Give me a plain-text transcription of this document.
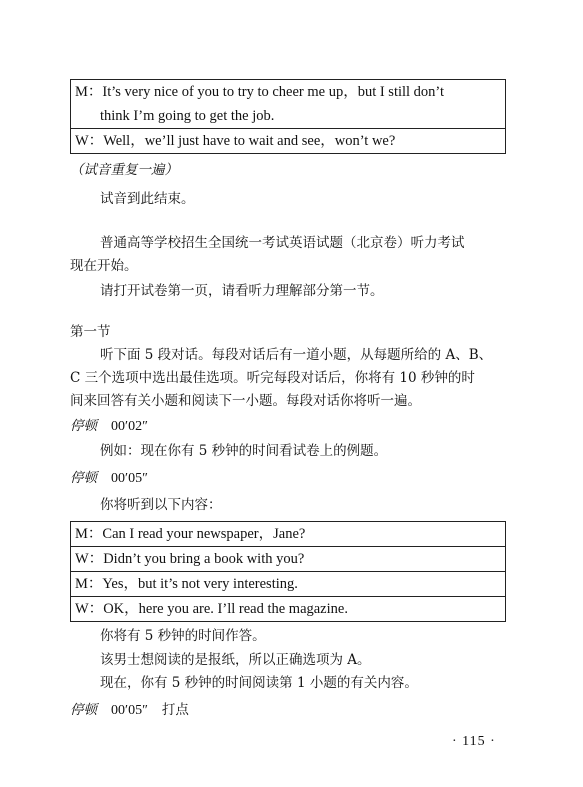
M：It’s very nice of you to try to cheer me up，but I still don’t
think I’m going to get the job.
W：Well，we’ll just have to wait and see，won’t we?
（试音重复一遍）
试音到此结束。
普通高等学校招生全国统一考试英语试题（北京卷）听力考试
现在开始。
请打开试卷第一页，请看听力理解部分第一节。
第一节
听下面 5 段对话。每段对话后有一道小题，从每题所给的 A、B、
C 三个选项中选出最佳选项。听完每段对话后，你将有 10 秒钟的时
间来回答有关小题和阅读下一小题。每段对话你将听一遍。
停顿 00′02″
例如：现在你有 5 秒钟的时间看试卷上的例题。
停顿 00′05″
你将听到以下内容：
M：Can I read your newspaper，Jane?
W：Didn’t you bring a book with you?
M：Yes，but it’s not very interesting.
W：OK，here you are. I’ll read the magazine.
你将有 5 秒钟的时间作答。
该男士想阅读的是报纸，所以正确选项为 A。
现在，你有 5 秒钟的时间阅读第 1 小题的有关内容。
停顿 00′05″ 打点
· 115 ·
